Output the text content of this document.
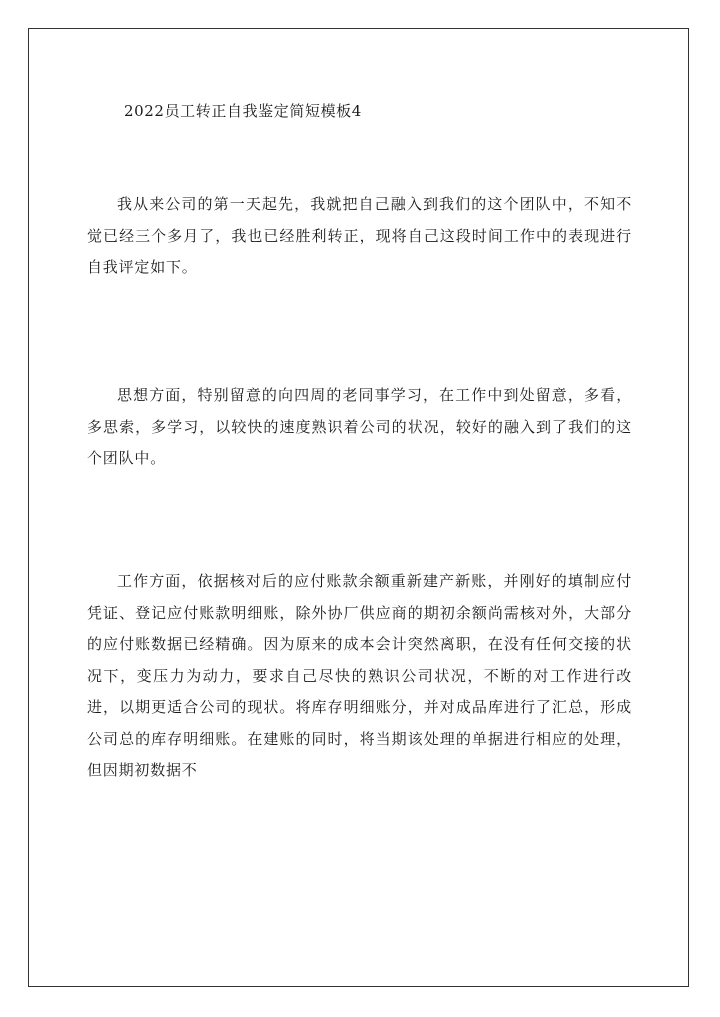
2022员工转正自我鉴定简短模板4

我从来公司的第一天起先，我就把自己融入到我们的这个团队中，不知不觉已经三个多月了，我也已经胜利转正，现将自己这段时间工作中的表现进行自我评定如下。

思想方面，特别留意的向四周的老同事学习，在工作中到处留意，多看，多思索，多学习，以较快的速度熟识着公司的状况，较好的融入到了我们的这个团队中。

工作方面，依据核对后的应付账款余额重新建产新账，并刚好的填制应付凭证、登记应付账款明细账，除外协厂供应商的期初余额尚需核对外，大部分的应付账数据已经精确。因为原来的成本会计突然离职，在没有任何交接的状况下，变压力为动力，要求自己尽快的熟识公司状况，不断的对工作进行改进，以期更适合公司的现状。将库存明细账分，并对成品库进行了汇总，形成公司总的库存明细账。在建账的同时，将当期该处理的单据进行相应的处理，但因期初数据不
